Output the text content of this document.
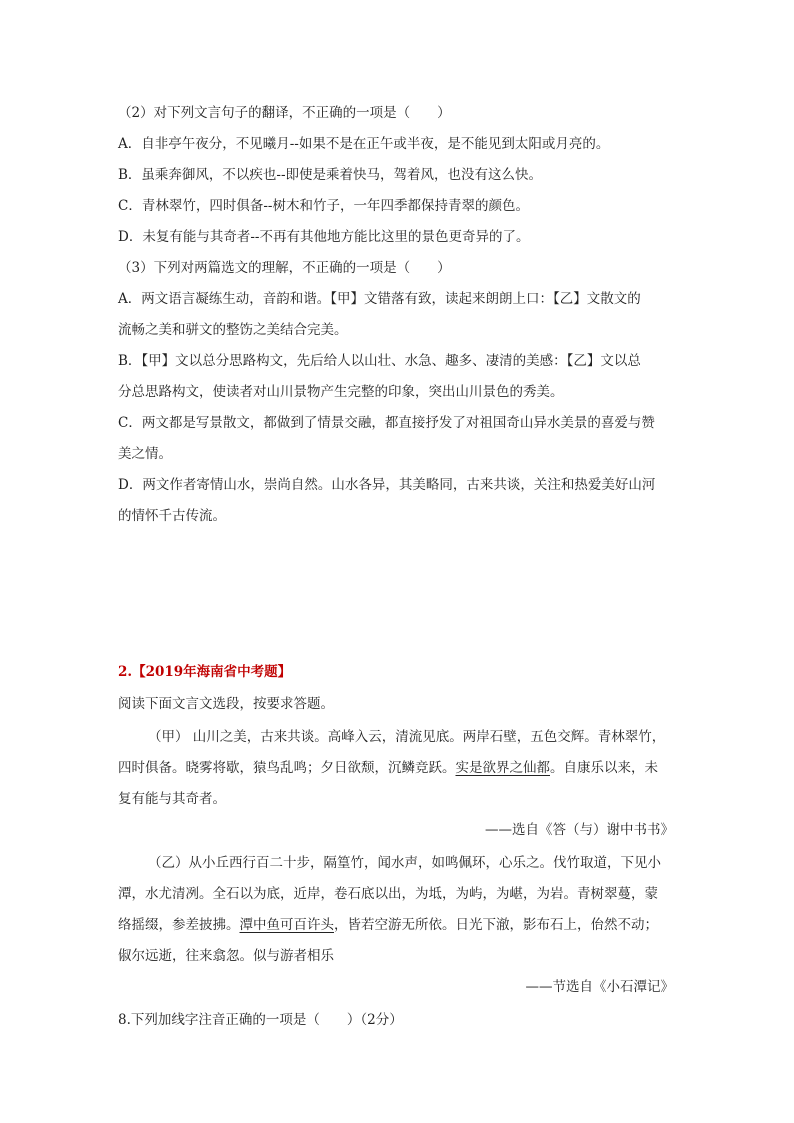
（2）对下列文言句子的翻译，不正确的一项是（　　）
A．自非亭午夜分，不见曦月--如果不是在正午或半夜，是不能见到太阳或月亮的。
B．虽乘奔御风，不以疾也--即使是乘着快马，驾着风，也没有这么快。
C．青林翠竹，四时俱备--树木和竹子，一年四季都保持青翠的颜色。
D．未复有能与其奇者--不再有其他地方能比这里的景色更奇异的了。
（3）下列对两篇选文的理解，不正确的一项是（　　）
A．两文语言凝练生动，音韵和谐。【甲】文错落有致，读起来朗朗上口：【乙】文散文的
流畅之美和骈文的整饬之美结合完美。
B．【甲】文以总分思路构文，先后给人以山壮、水急、趣多、凄清的美感：【乙】文以总
分总思路构文，使读者对山川景物产生完整的印象，突出山川景色的秀美。
C．两文都是写景散文，都做到了情景交融，都直接抒发了对祖国奇山异水美景的喜爱与赞
美之情。
D．两文作者寄情山水，崇尚自然。山水各异，其美略同，古来共谈，关注和热爱美好山河
的情怀千古传流。
2.【2019年海南省中考题】
阅读下面文言文选段，按要求答题。
（甲） 山川之美，古来共谈。高峰入云，清流见底。两岸石壁，五色交辉。青林翠竹，
四时俱备。晓雾将歇，猿鸟乱鸣；夕日欲颓，沉鳞竞跃。实是欲界之仙都。自康乐以来，未
复有能与其奇者。
——选自《答（与）谢中书书》
（乙）从小丘西行百二十步，隔篁竹，闻水声，如鸣佩环，心乐之。伐竹取道，下见小
潭，水尤清冽。全石以为底，近岸，卷石底以出，为坻，为屿，为嵁，为岩。青树翠蔓，蒙
络摇缀，参差披拂。潭中鱼可百许头，皆若空游无所依。日光下澈，影布石上，佁然不动；
俶尔远逝，往来翕忽。似与游者相乐
——节选自《小石潭记》
8.下列加线字注音正确的一项是（　　）（2分）
